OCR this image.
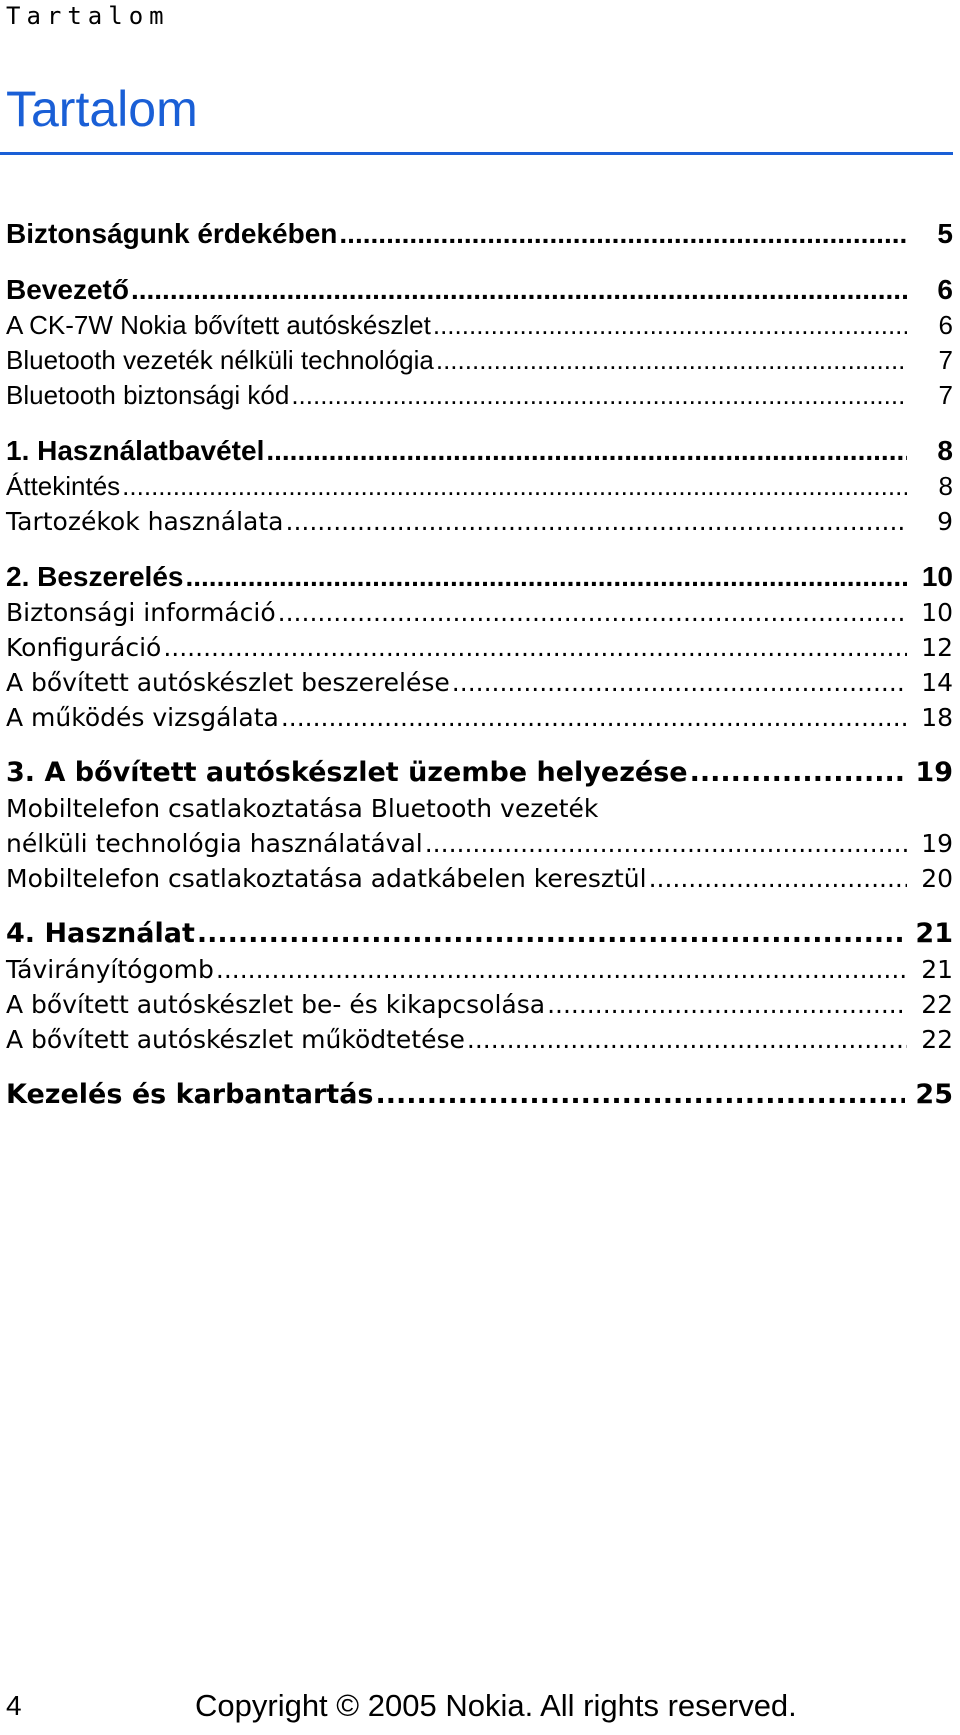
Tartalom
Tartalom
Biztonságunk érdekében .....	5
Bevezető .....	6
A CK-7W Nokia bővített autóskészlet .....	6
Bluetooth vezeték nélküli technológia .....	7
Bluetooth biztonsági kód .....	7
1. Használatbavétel .....	8
Áttekintés .....	8
Tartozékok használata .....	9
2. Beszerelés .....	10
Biztonsági információ .....	10
Konfiguráció .....	12
A bővített autóskészlet beszerelése .....	14
A működés vizsgálata .....	18
3. A bővített autóskészlet üzembe helyezése .....	19
Mobiltelefon csatlakoztatása Bluetooth vezeték
nélküli technológia használatával .....	19
Mobiltelefon csatlakoztatása adatkábelen keresztül .....	20
4. Használat .....	21
Távirányítógomb .....	21
A bővített autóskészlet be- és kikapcsolása .....	22
A bővített autóskészlet működtetése .....	22
Kezelés és karbantartás .....	25
4	Copyright © 2005 Nokia. All rights reserved.
